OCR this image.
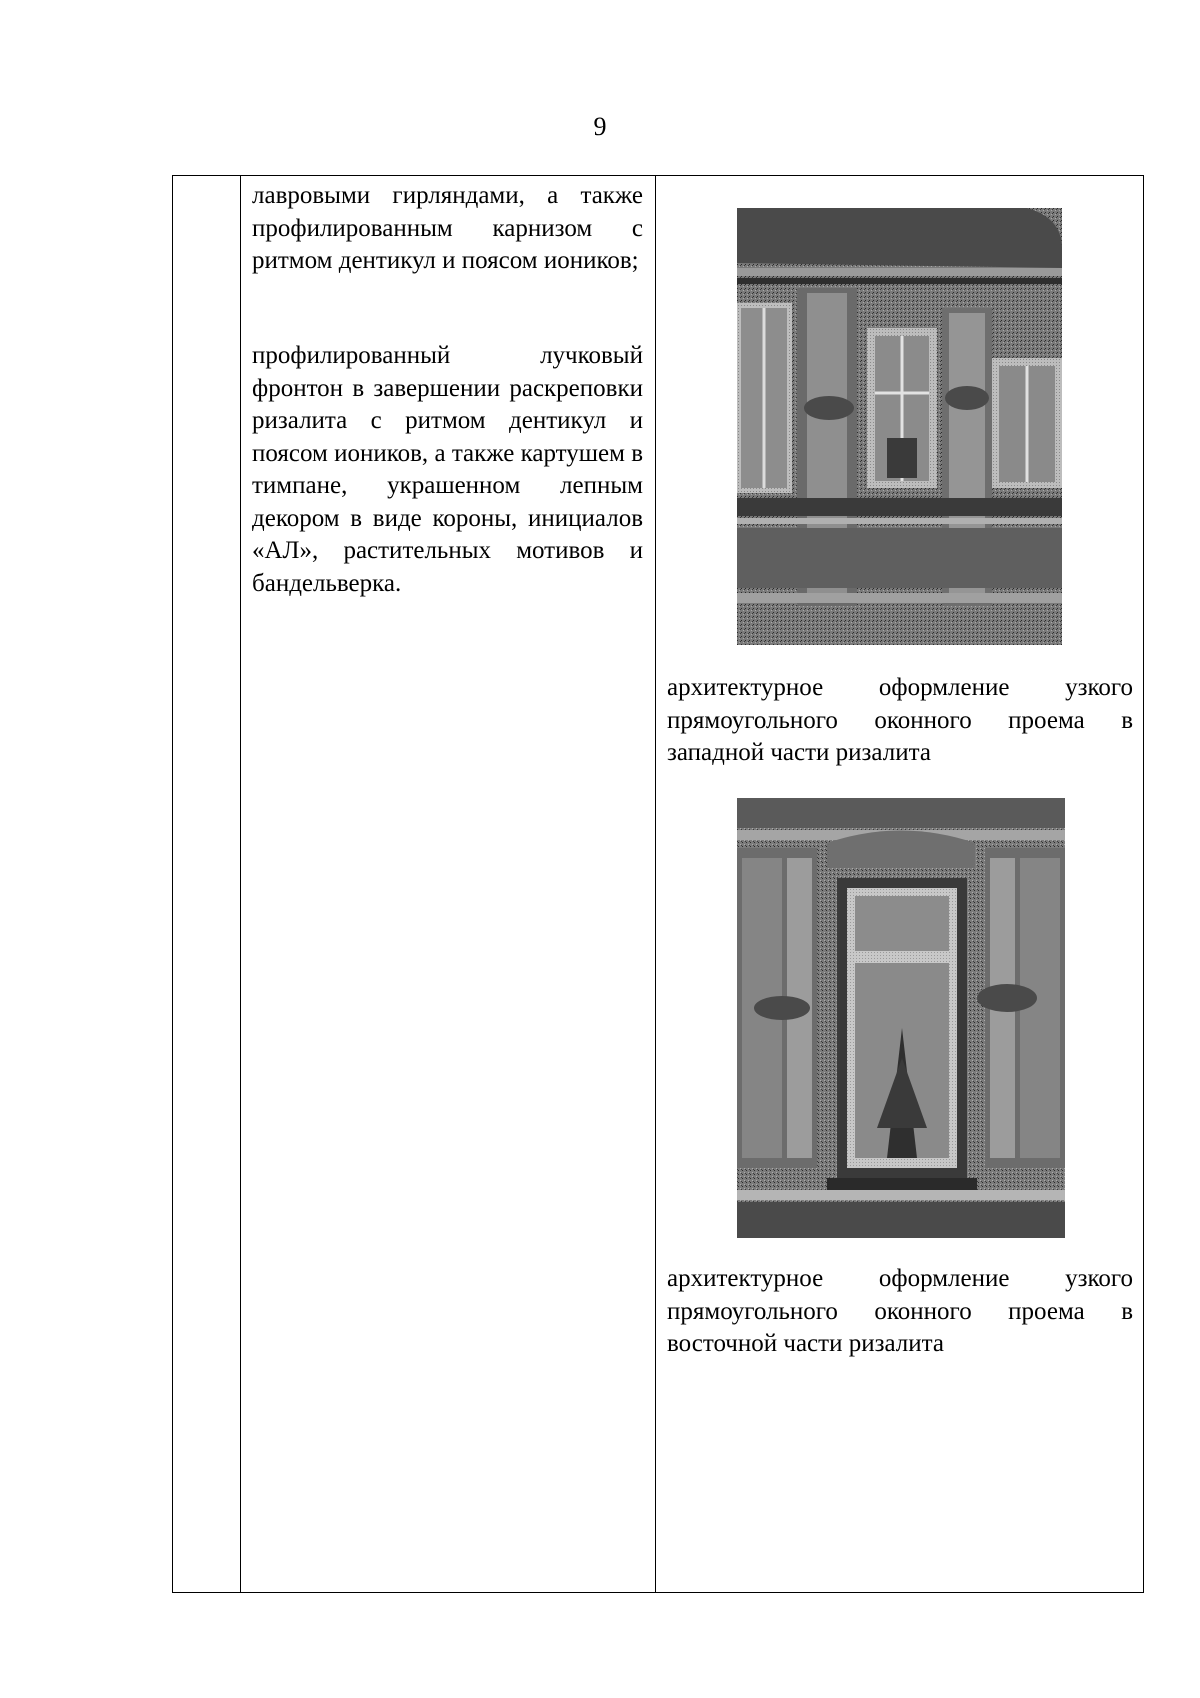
9
лавровыми гирляндами, а также профилированным карнизом с ритмом дентикул и поясом иоников;
профилированный лучковый фронтон в завершении раскреповки ризалита с ритмом дентикул и поясом иоников, а также картушем в тимпане, украшенном лепным декором в виде короны, инициалов «АЛ», растительных мотивов и бандельверка.
архитектурное оформление узкого прямоугольного оконного проема в западной части ризалита
архитектурное оформление узкого прямоугольного оконного проема в восточной части ризалита
